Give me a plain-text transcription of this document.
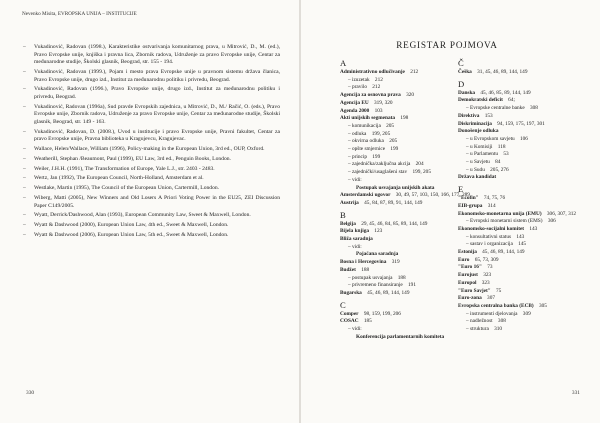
Nevenko Misita, EVROPSKA UNIJA – INSTITUCIJE
– Vukadinović, Radovan (1998.), Karakteristike ostvarivanja komunitarnog prava, u Mitrović, D., M. (ed.), Pravo Evropske unije, knjiška i pravna lica, Zbornik radova, Udruženje za pravo Evropske unije, Centar za međunarodne studije, Školski glasnik, Beograd, str. 155 - 194.
– Vukadinović, Radovan (1999.), Pojam i mesto prava Evropske unije u pravnom sistemu država članica, Pravo Evropske unije, drugo izd., Institut za međunarodnu politiku i privredu, Beograd.
– Vukadinović, Radovan (1996.), Pravo Evropske unije, drugo izd., Institut za međunarodnu politiku i privredu, Beograd.
– Vukadinović, Radovan (1996a), Sud pravde Evropskih zajednica, u Mitrović, D., M./ Račić, O. (eds.), Pravo Evropske unije, Zbornik radova, Udruženje za pravo Evropske unije, Centar za međunarodne studije, Školski glasnik, Beograd, str. 149 - 163.
– Vukadinović, Radovan, D. (2008.), Uvod u institucije i pravo Evropske unije, Pravni fakultet, Centar za pravo Evropske unije, Pravna biblioteka u Kragujevcu, Kragujevac.
– Wallace, Helen/Wallace, William (1996), Policy-making in the European Union, 3rd ed., OUP, Oxford.
– Weatherill, Stephan /Beaumont, Paul (1999), EU Law, 3rd ed., Penguin Books, London.
– Weiler, J.H.H. (1991), The Transformation of Europe, Yale L.J., str. 2403 - 2483.
– Wertz, Jan (1992), The European Council, North-Holland, Amsterdam et al.
– Westlake, Martin (1995), The Council of the European Union, Cartermill, London.
– Wiberg, Matti (2005), New Winners and Old Losers A Priori Voting Power in the EU25, ZEI Discussion Paper C149/2005.
– Wyatt, Derrick/Dashwood, Alan (1993), European Community Law, Sweet & Maxwell, London.
– Wyatt & Dashwood (2000), European Union Law, 4th ed., Sweet & Maxwell, London.
– Wyatt & Dashwood (2006), European Union Law, 5th ed., Sweet & Maxwell, London.
330
REGISTAR POJMOVA
A
Administrativno odlučivanje  212
– izuzetak  212
– pravilo  212
Agencija za osnovna prava  320
Agencija EU  319, 320
Agenda 2000  103
Akti unijskih segmenata  198
– komunikacija  205
– odluka  199, 205
– okvirna odluka  205
– opšte smjernice  199
– princip  199
– zajednička/zaključna akcija  204
– zajednički/usaglašeni stav  199, 205
– vidi:
Postupak usvajanja unijskih akata
Amsterdamski ugovor  30, 49, 57, 103, 150, 166, 177, 289
Austrija  45, 84, 87, 89, 91, 144, 149
B
Belgija  29, 45, 46, 84, 85, 89, 144, 149
Bijela knjiga  123
Bliža saradnja
– vidi:
Pojačana saradnja
Bosna i Hercegovina  319
Budžet  188
– postupak usvajanja  188
– privremeno finansiranje  191
Bugarska  45, 46, 89, 144, 149
C
Comper  98, 159, 199, 206
COSAC  185
– vidi:
Konferencija parlamentarnih komiteta
Č
Češka  31, 45, 46, 89, 144, 149
D
Danska  45, 46, 85, 89, 144, 149
Demokratski deficit  64;
– Evropske centralne banke  308
Direktiva  153
Diskriminacija  94, 159, 175, 197, 301
Donošenje odluka
– u Evropskom savjetu  106
– u Komisiji  118
– u Parlamentu  53
– u Savjetu  84
– u Sudu  205, 276
Država kandidat
E
"Ecofin"  74, 75, 76
EIB-grupa  314
Ekonomsko-monetarna unija (EMU)  306, 307, 312
– Evropski monetarni sistem (EMS)  306
Ekonomsko-socijalni komitet  143
– konsultativni status  143
– sastav i organizacija  145
Estonija  45, 46, 89, 144, 149
Euro  65, 73, 309
"Euro 16"  73
Eurojust  323
Europol  323
"Euro Savjet"  75
Euro-zona  307
Evropska centralna banka (ECB)  305
– instrumenti djelovanja  309
– nadležnost  308
– struktura  310
331
